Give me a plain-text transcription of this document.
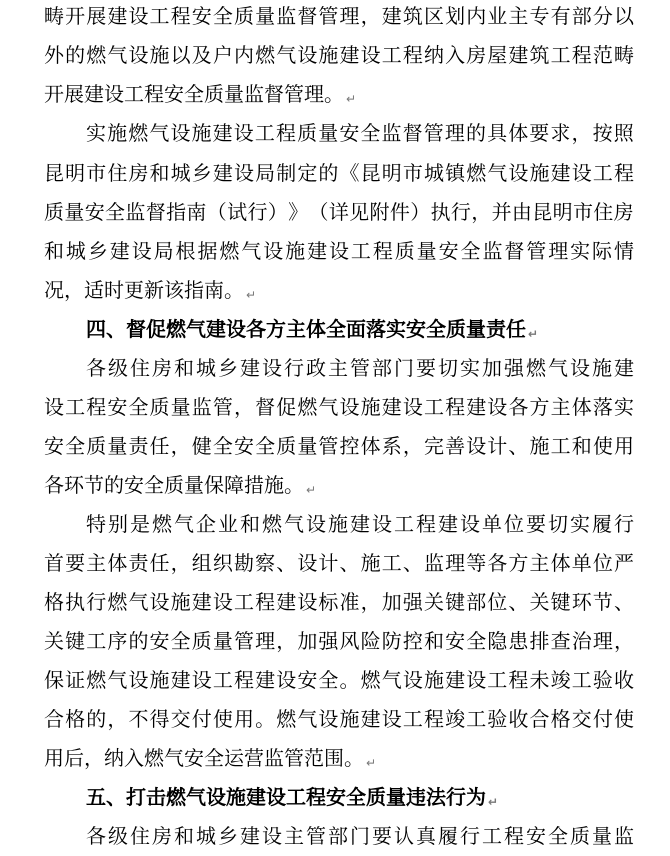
畴 开 展 建 设 工 程 安 全 质 量 监 督 管 理 ， 建 筑 区 划 内 业 主 专 有 部 分 以
外 的 燃 气 设 施 以 及 户 内 燃 气 设 施 建 设 工 程 纳 入 房 屋 建 筑 工 程 范 畴
开展建设工程安全质量监督管理。 ↵
实 施 燃 气 设 施 建 设 工 程 质 量 安 全 监 督 管 理 的 具 体 要 求 ， 按 照
昆 明 市 住 房 和 城 乡 建 设 局 制 定 的 《 昆 明 市 城 镇 燃 气 设 施 建 设 工 程
质 量 安 全 监 督 指 南 （ 试 行 ） 》 （ 详 见 附 件 ） 执 行 ， 并 由 昆 明 市 住 房
和 城 乡 建 设 局 根 据 燃 气 设 施 建 设 工 程 质 量 安 全 监 督 管 理 实 际 情
况，适时更新该指南。 ↵
四、督促燃气建设各方主体全面落实安全质量责任 ↵
各 级 住 房 和 城 乡 建 设 行 政 主 管 部 门 要 切 实 加 强 燃 气 设 施 建
设 工 程 安 全 质 量 监 管 ， 督 促 燃 气 设 施 建 设 工 程 建 设 各 方 主 体 落 实
安 全 质 量 责 任 ， 健 全 安 全 质 量 管 控 体 系 ， 完 善 设 计 、 施 工 和 使 用
各环节的安全质量保障措施。 ↵
特 别 是 燃 气 企 业 和 燃 气 设 施 建 设 工 程 建 设 单 位 要 切 实 履 行
首 要 主 体 责 任 ， 组 织 勘 察 、 设 计 、 施 工 、 监 理 等 各 方 主 体 单 位 严
格 执 行 燃 气 设 施 建 设 工 程 建 设 标 准 ， 加 强 关 键 部 位 、 关 键 环 节 、
关 键 工 序 的 安 全 质 量 管 理 ， 加 强 风 险 防 控 和 安 全 隐 患 排 查 治 理 ，
保 证 燃 气 设 施 建 设 工 程 建 设 安 全 。 燃 气 设 施 建 设 工 程 未 竣 工 验 收
合 格 的 ， 不 得 交 付 使 用 。 燃 气 设 施 建 设 工 程 竣 工 验 收 合 格 交 付 使
用后，纳入燃气安全运营监管范围。 ↵
五、打击燃气设施建设工程安全质量违法行为 ↵
各 级 住 房 和 城 乡 建 设 主 管 部 门 要 认 真 履 行 工 程 安 全 质 量 监
